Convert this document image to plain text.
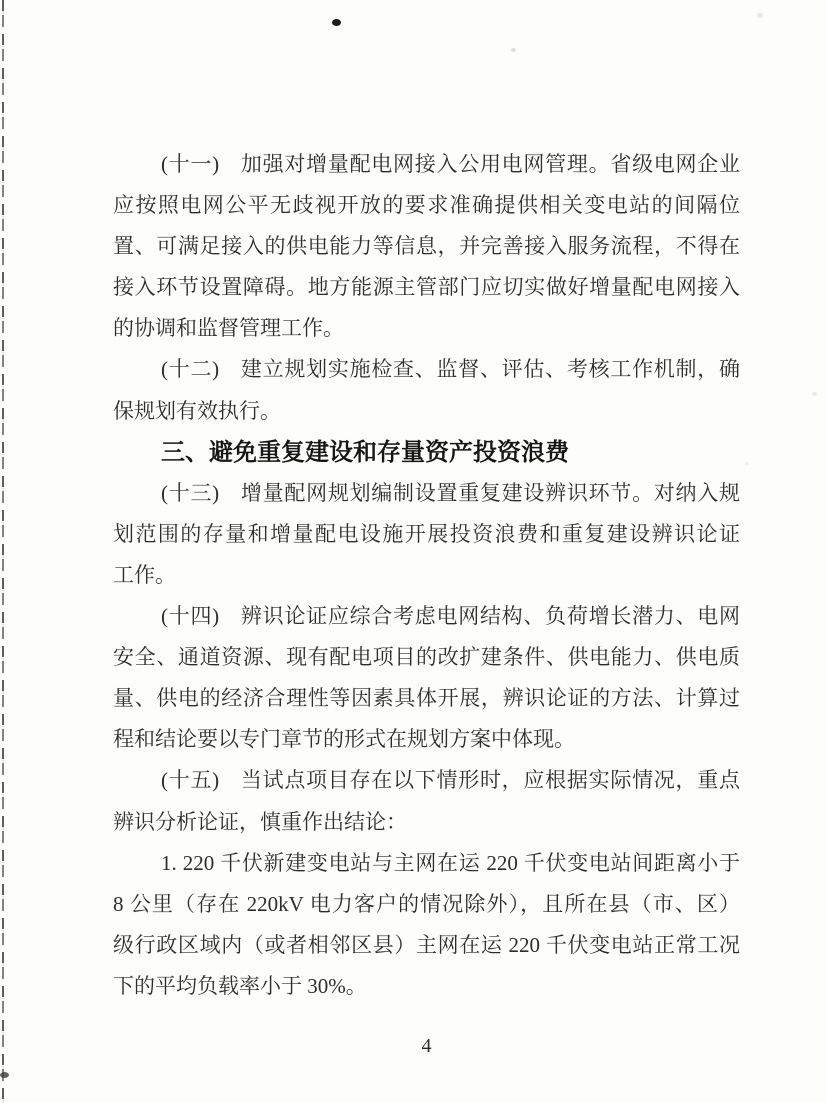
(十一) 加强对增量配电网接入公用电网管理。省级电网企业
应按照电网公平无歧视开放的要求准确提供相关变电站的间隔位
置、可满足接入的供电能力等信息，并完善接入服务流程，不得在
接入环节设置障碍。地方能源主管部门应切实做好增量配电网接入
的协调和监督管理工作。
(十二) 建立规划实施检查、监督、评估、考核工作机制，确
保规划有效执行。
三、避免重复建设和存量资产投资浪费
(十三) 增量配网规划编制设置重复建设辨识环节。对纳入规
划范围的存量和增量配电设施开展投资浪费和重复建设辨识论证
工作。
(十四) 辨识论证应综合考虑电网结构、负荷增长潜力、电网
安全、通道资源、现有配电项目的改扩建条件、供电能力、供电质
量、供电的经济合理性等因素具体开展，辨识论证的方法、计算过
程和结论要以专门章节的形式在规划方案中体现。
(十五) 当试点项目存在以下情形时，应根据实际情况，重点
辨识分析论证，慎重作出结论：
1. 220 千伏新建变电站与主网在运 220 千伏变电站间距离小于
8 公里（存在 220kV 电力客户的情况除外），且所在县（市、区）
级行政区域内（或者相邻区县）主网在运 220 千伏变电站正常工况
下的平均负载率小于 30%。
4
